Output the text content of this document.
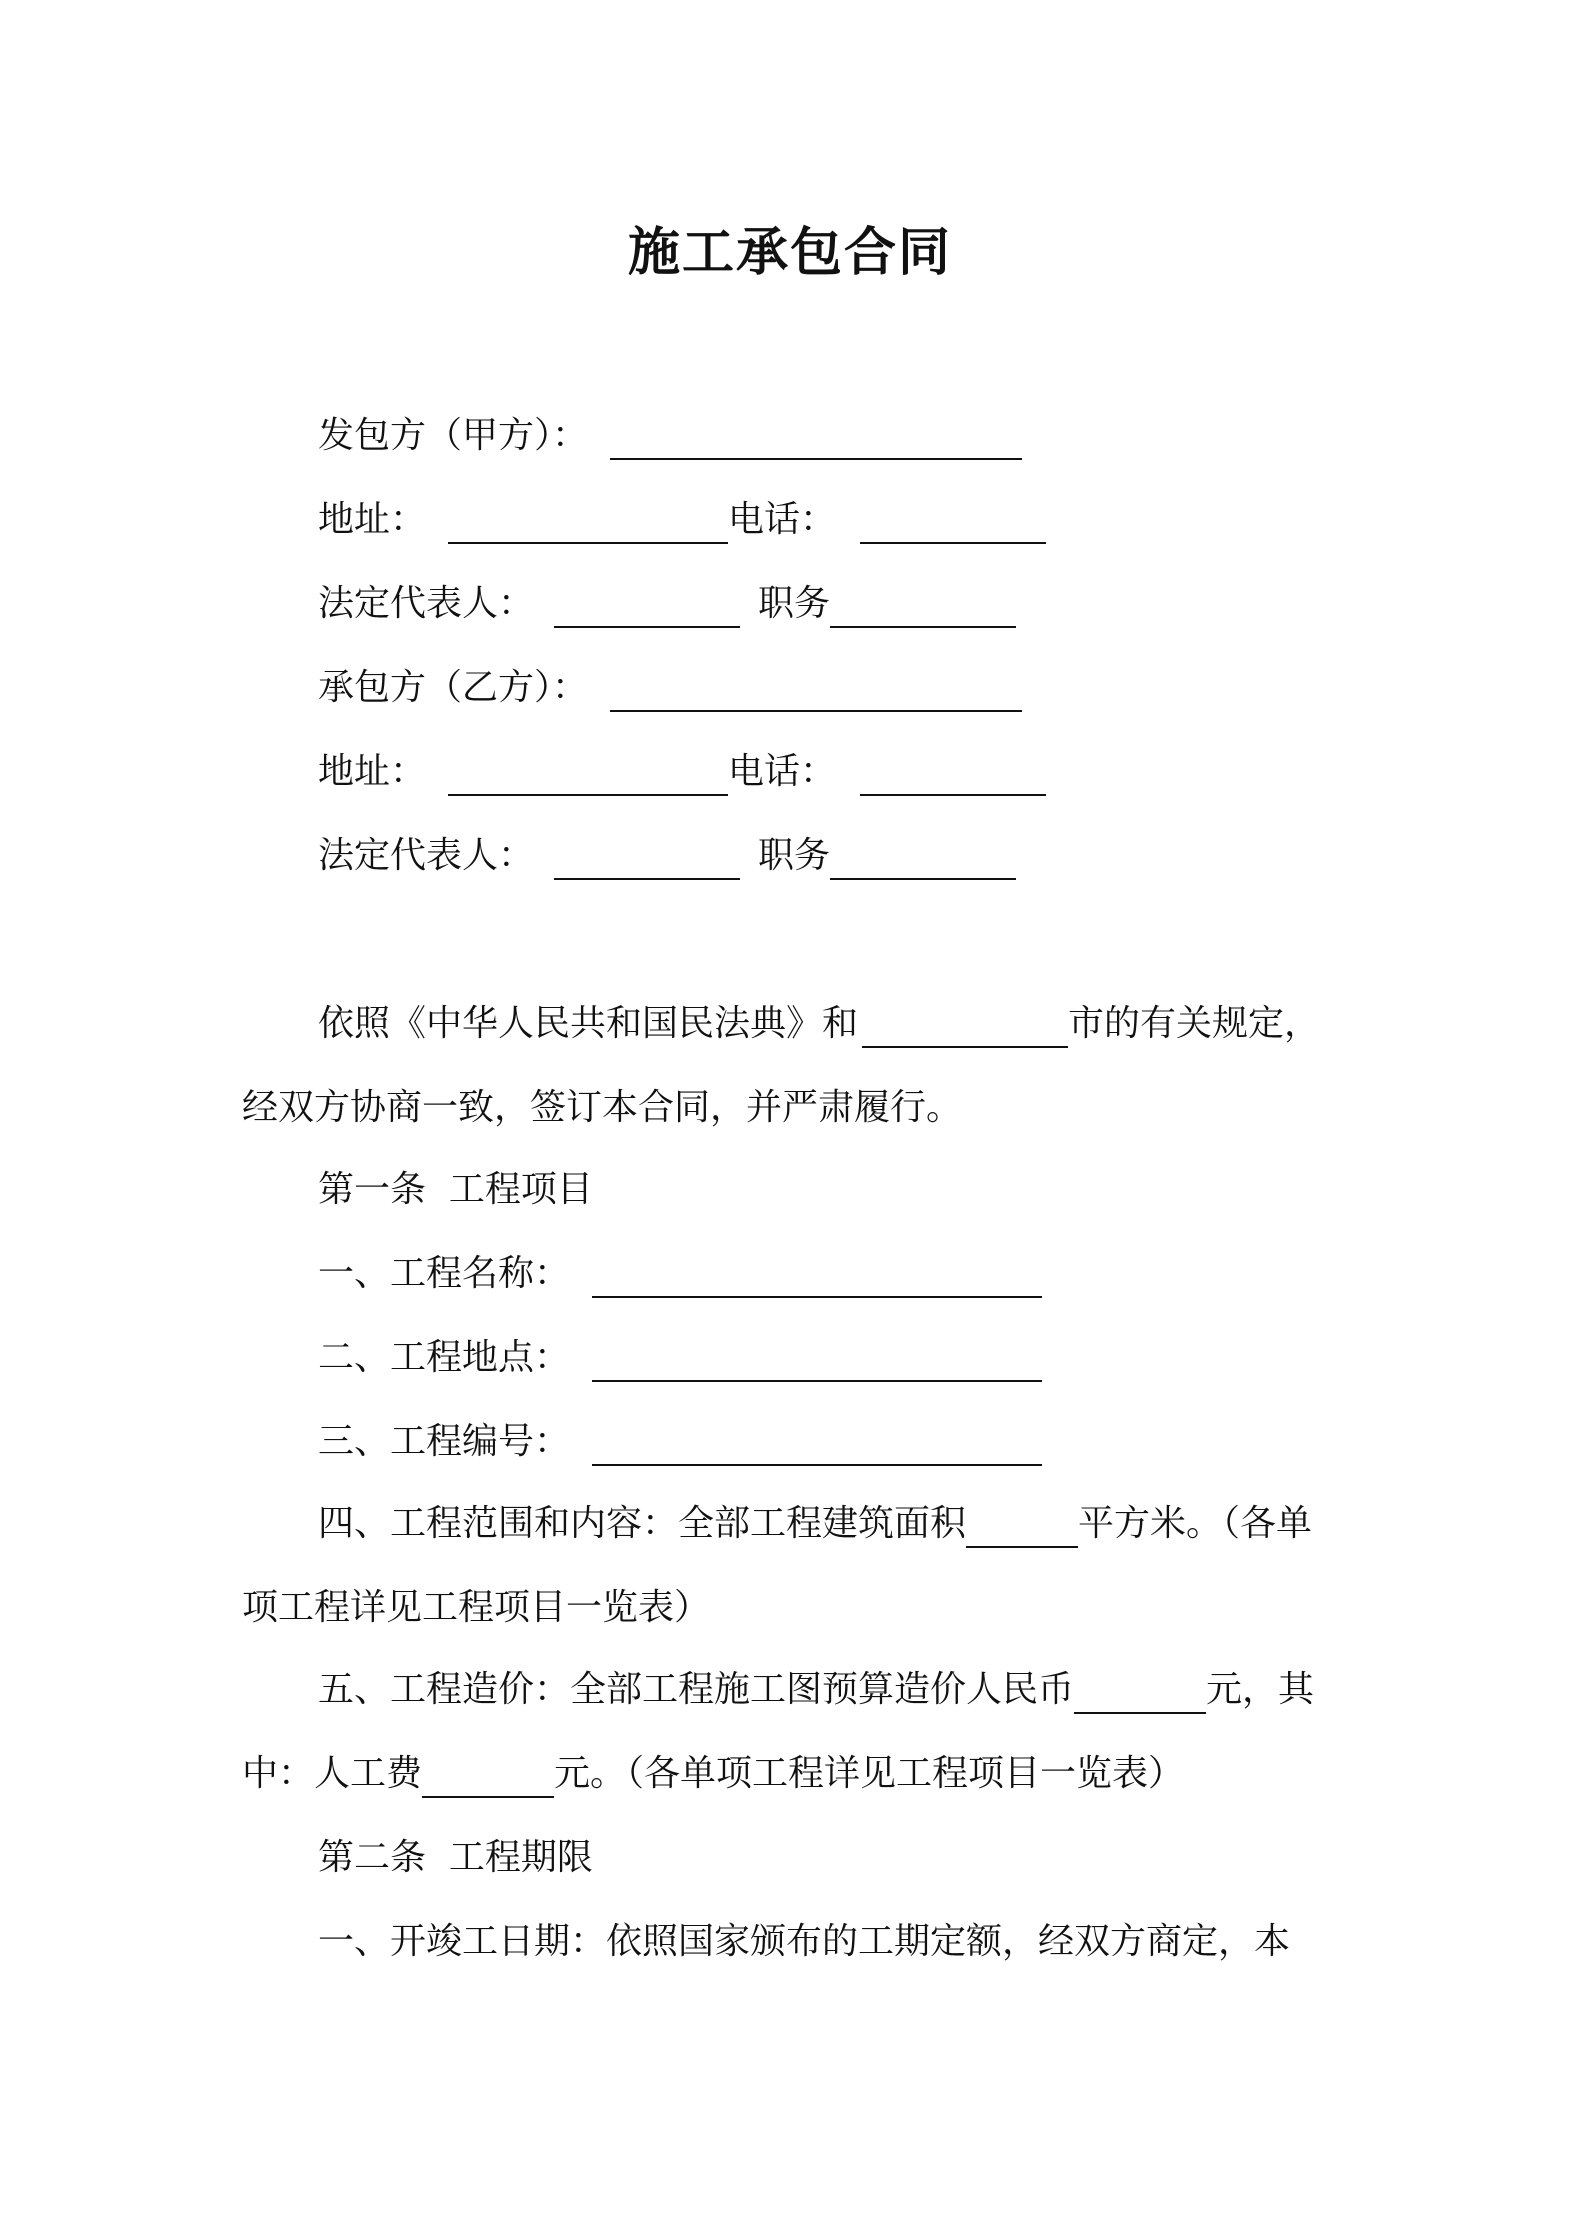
施工承包合同
发包方（甲方）：
地址：	电话：
法定代表人：	职务
承包方（乙方）：
地址：	电话：
法定代表人：	职务
依照《中华人民共和国民法典》和	市的有关规定，
经双方协商一致，签订本合同，并严肃履行。
第一条  工程项目
一、工程名称：
二、工程地点：
三、工程编号：
四、工程范围和内容：全部工程建筑面积	平方米。（各单
项工程详见工程项目一览表）
五、工程造价：全部工程施工图预算造价人民币	元，其
中：人工费	元。（各单项工程详见工程项目一览表）
第二条  工程期限
一、开竣工日期：依照国家颁布的工期定额，经双方商定，本
